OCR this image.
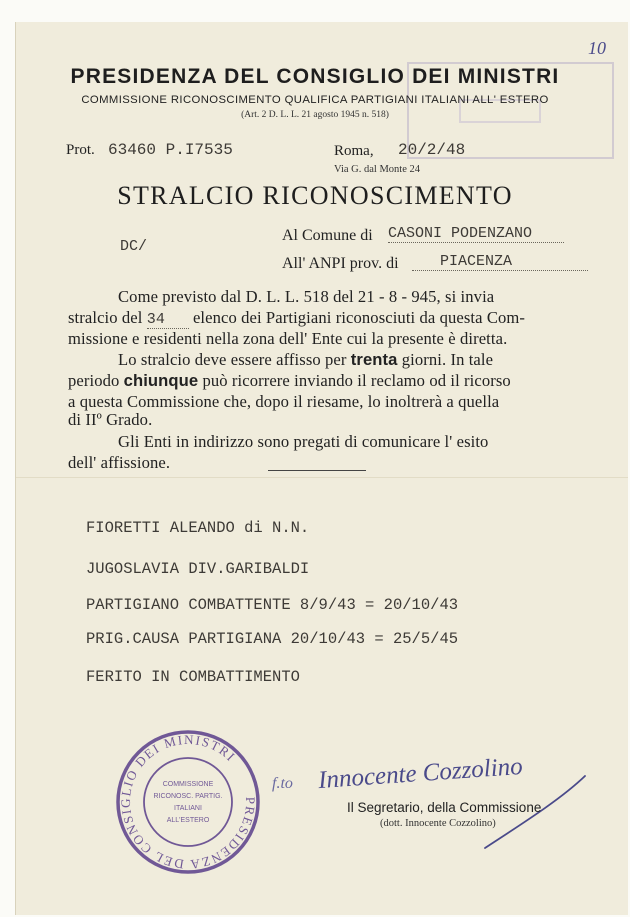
10
PRESIDENZA DEL CONSIGLIO DEI MINISTRI
COMMISSIONE RICONOSCIMENTO QUALIFICA PARTIGIANI ITALIANI ALL' ESTERO
(Art. 2 D. L. L. 21 agosto 1945 n. 518)
Prot. 63460 P.I7535	Roma, 20/2/48
Via G. dal Monte 24
STRALCIO RICONOSCIMENTO
DC/
Al Comune di CASONI PODENZANO
All' ANPI prov. di	PIACENZA
Come previsto dal D. L. L. 518 del 21 - 8 - 945, si invia
stralcio del 34 elenco dei Partigiani riconosciuti da questa Com-
missione e residenti nella zona dell' Ente cui la presente è diretta.
Lo stralcio deve essere affisso per trenta giorni. In tale
periodo chiunque può ricorrere inviando il reclamo od il ricorso
a questa Commissione che, dopo il riesame, lo inoltrerà a quella
di IIº Grado.
Gli Enti in indirizzo sono pregati di comunicare l' esito
dell' affissione.
FIORETTI ALEANDO di N.N.
JUGOSLAVIA DIV.GARIBALDI
PARTIGIANO COMBATTENTE 8/9/43 = 20/10/43
PRIG.CAUSA PARTIGIANA 20/10/43 = 25/5/45
FERITO IN COMBATTIMENTO
PRESIDENZA DEL CONSIGLIO DEI MINISTRI
COMMISSIONE
RICONOSC. PARTIG.
ITALIANI
ALL'ESTERO
f.to Innocente Cozzolino
Il Segretario, della Commissione
(dott. Innocente Cozzolino)
